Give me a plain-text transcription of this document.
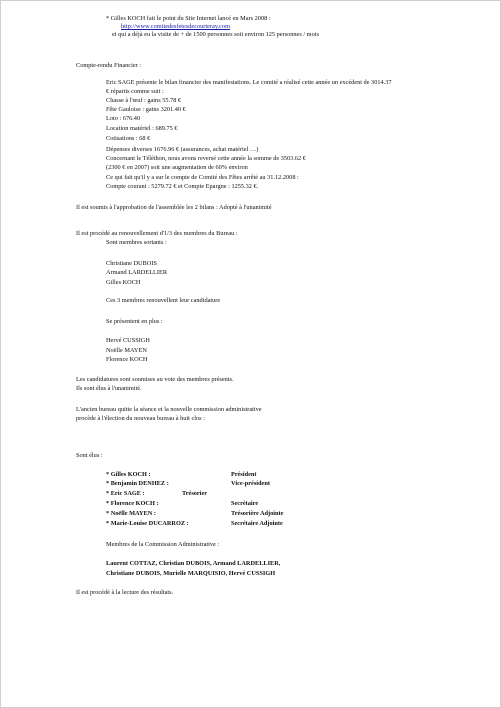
* Gilles KOCH fait le point du Site Internet lancé en Mars 2008 :
http://www.comitedesfetesdecourteray.com
et qui a déjà eu la visite de + de 1500 personnes soit environ 125 personnes / mois
Compte-rendu Financier :
Eric SAGE présente le bilan financier des manifestations. Le comité a réalisé cette année un excédent de 3014.37
€ répartis comme suit :
Chasse à l'œuf : gains 55.78 €
Fête Gauloise : gains 3201.40 €
Loto : 676.40
Location matériel : 689.75 €
Cotisations : 68 €
Dépenses diverses 1676.96 € (assurances, achat matériel …)
Concernant le Téléthon, nous avons reversé cette année la somme de 3503.62 €
(2300 € en 2007) soit une augmentation de 60% environ
Ce qui fait qu'il y a sur le compte de Comité des Fêtes arrêté au 31.12.2008 :
Compte courant : 5279.72 € et Compte Epargne : 1255.32 €.
Il est soumis à l'approbation de l'assemblée les 2 bilans : Adopté à l'unanimité
Il est procédé au renouvellement d'1/3 des membres du Bureau :
Sont membres sortants :
Christiane DUBOIS
Armand LARDELLIER
Gilles KOCH
Ces 3 membres renouvellent leur candidature
Se présentent en plus :
Hervé CUSSIGH
Noëlle MAYEN
Florence KOCH
Les candidatures sont soumises au vote des membres présents.
Ils sont élus à l'unanimité.
L'ancien bureau quitte la séance et la nouvelle commission administrative
procède à l'élection du nouveau bureau à huit clos :
Sont élus :
* Gilles KOCH :	Président
* Benjamin DENHEZ :	Vice-président
* Eric SAGE :	Trésorier
* Florence KOCH :	Secrétaire
* Noëlle MAYEN :	Trésorière Adjointe
* Marie-Louise DUCARROZ :	Secrétaire Adjointe
Membres de la Commission Administrative :
Laurent COTTAZ, Christian DUBOIS, Armand LARDELLIER,
Christiane DUBOIS, Murielle MARQUISIO, Hervé CUSSIGH
Il est procédé à la lecture des résultats.
